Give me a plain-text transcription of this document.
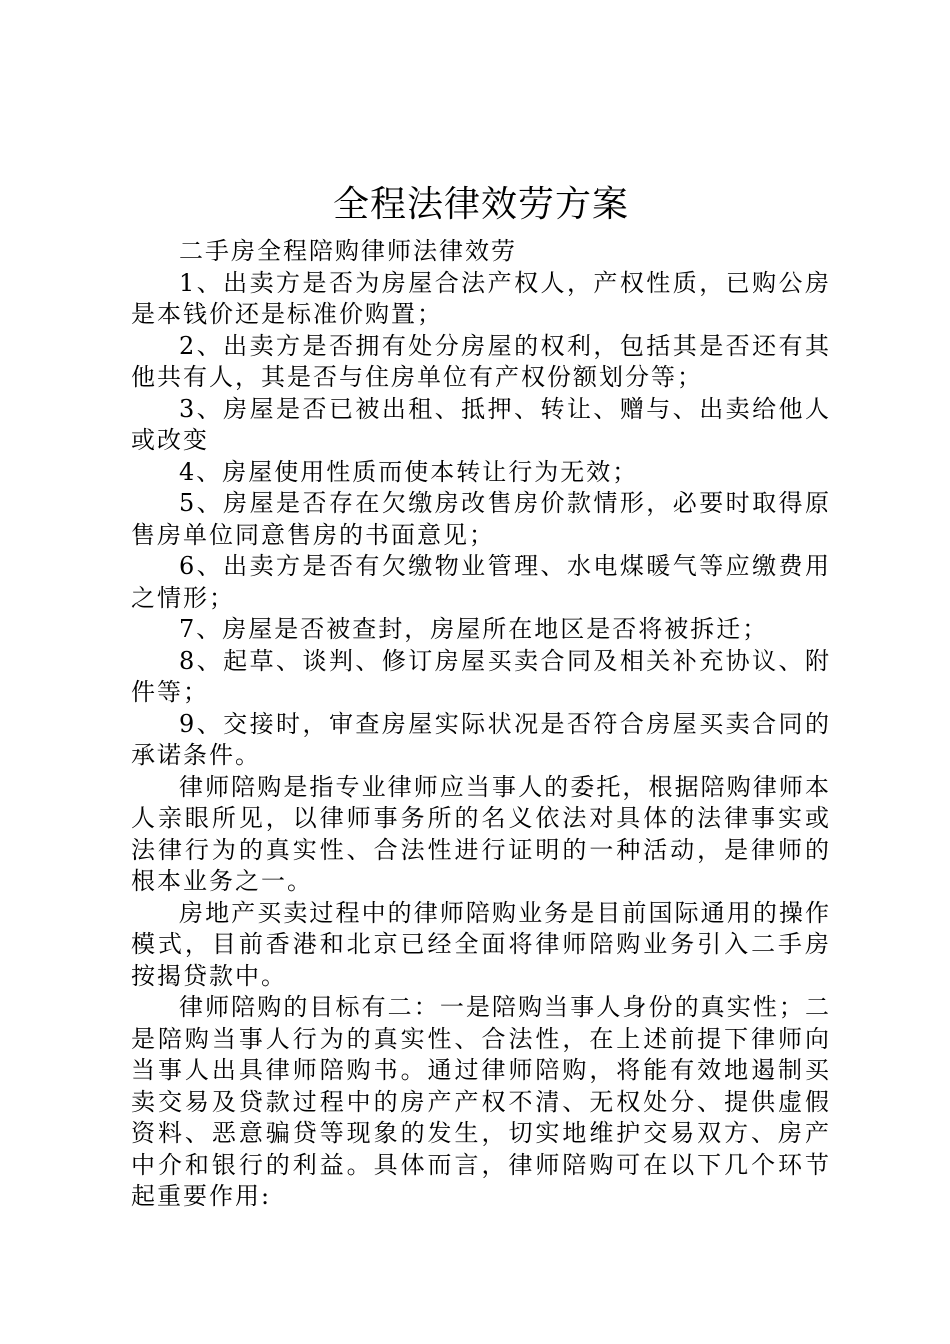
全程法律效劳方案

二手房全程陪购律师法律效劳

1、出卖方是否为房屋合法产权人，产权性质，已购公房是本钱价还是标准价购置；

2、出卖方是否拥有处分房屋的权利，包括其是否还有其他共有人，其是否与住房单位有产权份额划分等；

3、房屋是否已被出租、抵押、转让、赠与、出卖给他人或改变

4、房屋使用性质而使本转让行为无效；

5、房屋是否存在欠缴房改售房价款情形，必要时取得原售房单位同意售房的书面意见；

6、出卖方是否有欠缴物业管理、水电煤暖气等应缴费用之情形；

7、房屋是否被查封，房屋所在地区是否将被拆迁；

8、起草、谈判、修订房屋买卖合同及相关补充协议、附件等；

9、交接时，审查房屋实际状况是否符合房屋买卖合同的承诺条件。

律师陪购是指专业律师应当事人的委托，根据陪购律师本人亲眼所见，以律师事务所的名义依法对具体的法律事实或法律行为的真实性、合法性进行证明的一种活动，是律师的根本业务之一。

房地产买卖过程中的律师陪购业务是目前国际通用的操作模式，目前香港和北京已经全面将律师陪购业务引入二手房按揭贷款中。

律师陪购的目标有二：一是陪购当事人身份的真实性；二是陪购当事人行为的真实性、合法性，在上述前提下律师向当事人出具律师陪购书。通过律师陪购，将能有效地遏制买卖交易及贷款过程中的房产产权不清、无权处分、提供虚假资料、恶意骗贷等现象的发生，切实地维护交易双方、房产中介和银行的利益。具体而言，律师陪购可在以下几个环节起重要作用:
